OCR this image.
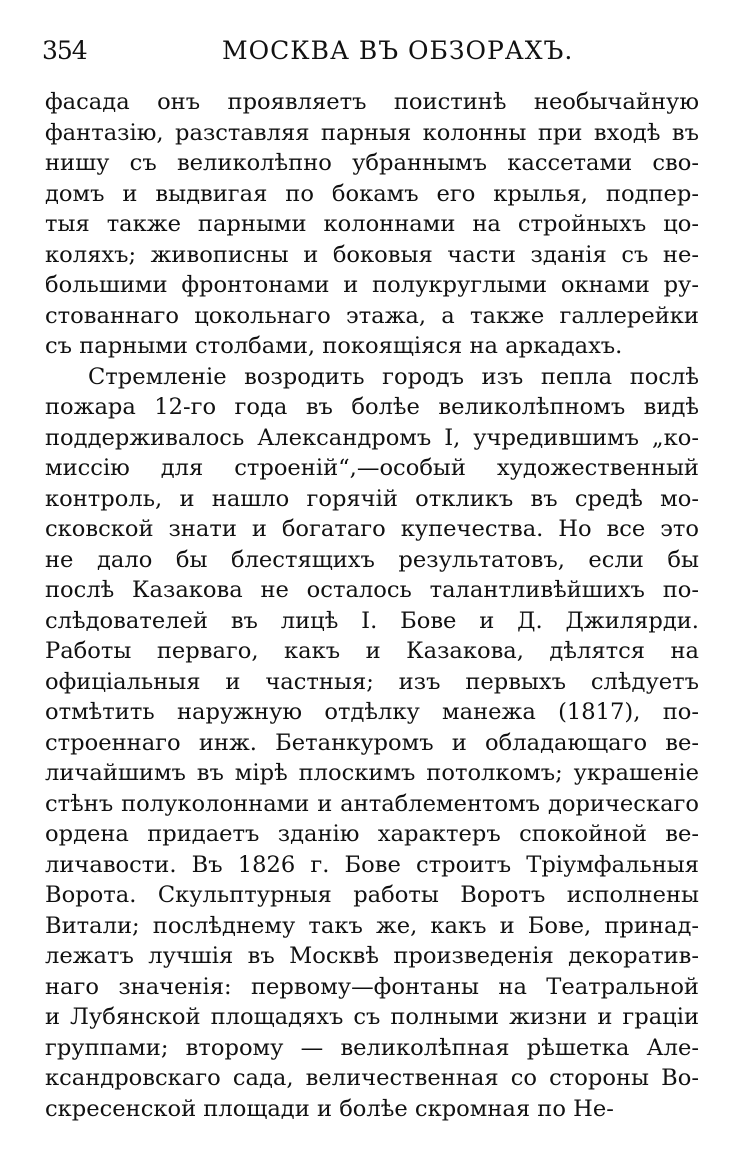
354	МОСКВА ВЪ ОБЗОРАХЪ.
фасада онъ проявляетъ поистинѣ необычайную
фантазію, разставляя парныя колонны при входѣ въ
нишу съ великолѣпно убраннымъ кассетами сво-
домъ и выдвигая по бокамъ его крылья, подпер-
тыя также парными колоннами на стройныхъ цо-
коляхъ; живописны и боковыя части зданія съ не-
большими фронтонами и полукруглыми окнами ру-
стованнаго цокольнаго этажа, а также галлерейки
съ парными столбами, покоящіяся на аркадахъ.
Стремленіе возродить городъ изъ пепла послѣ
пожара 12-го года въ болѣе великолѣпномъ видѣ
поддерживалось Александромъ I, учредившимъ „ко-
миссію для строеній“,—особый художественный
контроль, и нашло горячій откликъ въ средѣ мо-
сковской знати и богатаго купечества. Но все это
не дало бы блестящихъ результатовъ, если бы
послѣ Казакова не осталось талантливѣйшихъ по-
слѣдователей въ лицѣ І. Бове и Д. Джилярди.
Работы перваго, какъ и Казакова, дѣлятся на
офиціальныя и частныя; изъ первыхъ слѣдуетъ
отмѣтить наружную отдѣлку манежа (1817), по-
строеннаго инж. Бетанкуромъ и обладающаго ве-
личайшимъ въ мірѣ плоскимъ потолкомъ; украшеніе
стѣнъ полуколоннами и антаблементомъ дорическаго
ордена придаетъ зданію характеръ спокойной ве-
личавости. Въ 1826 г. Бове строитъ Тріумфальныя
Ворота. Скульптурныя работы Воротъ исполнены
Витали; послѣднему такъ же, какъ и Бове, принад-
лежатъ лучшія въ Москвѣ произведенія декоратив-
наго значенія: первому—фонтаны на Театральной
и Лубянской площадяхъ съ полными жизни и граціи
группами; второму — великолѣпная рѣшетка Але-
ксандровскаго сада, величественная со стороны Во-
скресенской площади и болѣе скромная по Не-
